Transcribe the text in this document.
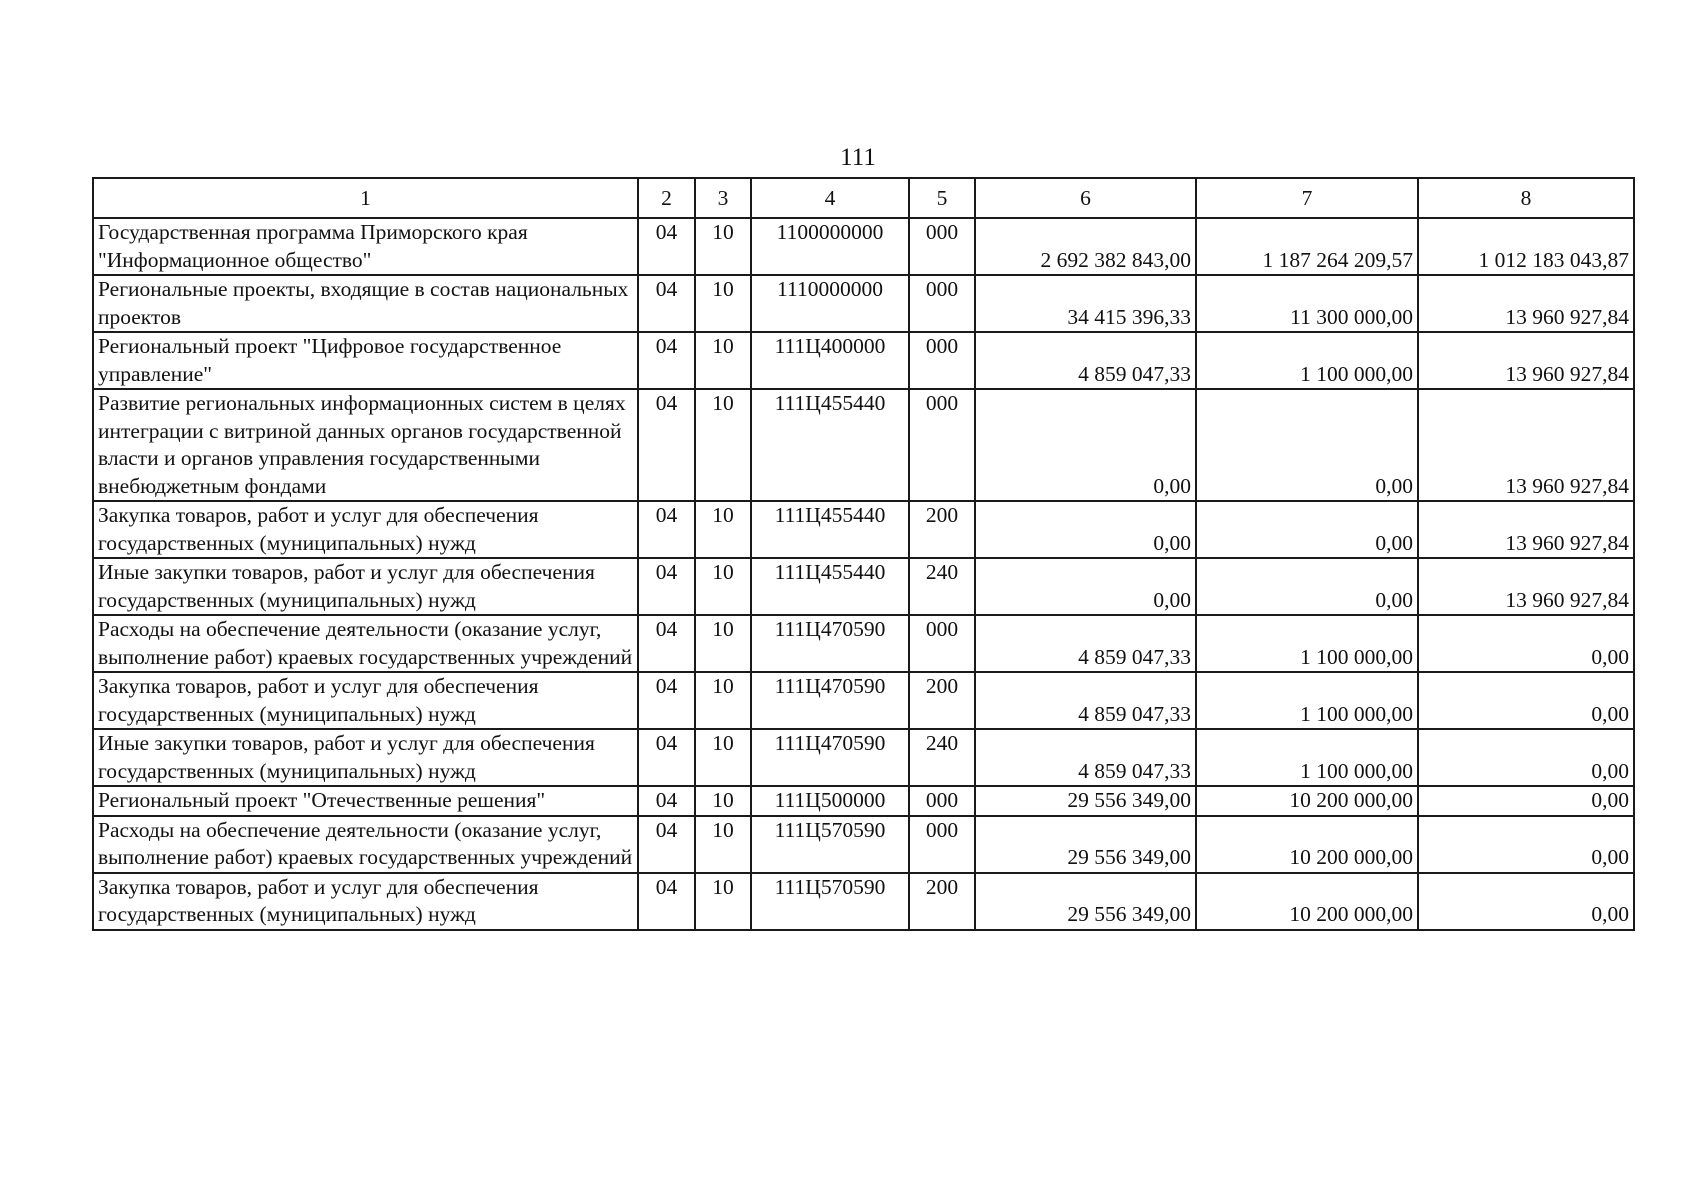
111
1	2	3	4	5	6	7	8
Государственная программа Приморского края "Информационное общество"	04	10	1100000000	000	2 692 382 843,00	1 187 264 209,57	1 012 183 043,87
Региональные проекты, входящие в состав национальных проектов	04	10	1110000000	000	34 415 396,33	11 300 000,00	13 960 927,84
Региональный проект "Цифровое государственное управление"	04	10	111Ц400000	000	4 859 047,33	1 100 000,00	13 960 927,84
Развитие региональных информационных систем в целях интеграции с витриной данных органов государственной власти и органов управления государственными внебюджетным фондами	04	10	111Ц455440	000	0,00	0,00	13 960 927,84
Закупка товаров, работ и услуг для обеспечения государственных (муниципальных) нужд	04	10	111Ц455440	200	0,00	0,00	13 960 927,84
Иные закупки товаров, работ и услуг для обеспечения государственных (муниципальных) нужд	04	10	111Ц455440	240	0,00	0,00	13 960 927,84
Расходы на обеспечение деятельности (оказание услуг, выполнение работ) краевых государственных учреждений	04	10	111Ц470590	000	4 859 047,33	1 100 000,00	0,00
Закупка товаров, работ и услуг для обеспечения государственных (муниципальных) нужд	04	10	111Ц470590	200	4 859 047,33	1 100 000,00	0,00
Иные закупки товаров, работ и услуг для обеспечения государственных (муниципальных) нужд	04	10	111Ц470590	240	4 859 047,33	1 100 000,00	0,00
Региональный проект "Отечественные решения"	04	10	111Ц500000	000	29 556 349,00	10 200 000,00	0,00
Расходы на обеспечение деятельности (оказание услуг, выполнение работ) краевых государственных учреждений	04	10	111Ц570590	000	29 556 349,00	10 200 000,00	0,00
Закупка товаров, работ и услуг для обеспечения государственных (муниципальных) нужд	04	10	111Ц570590	200	29 556 349,00	10 200 000,00	0,00
